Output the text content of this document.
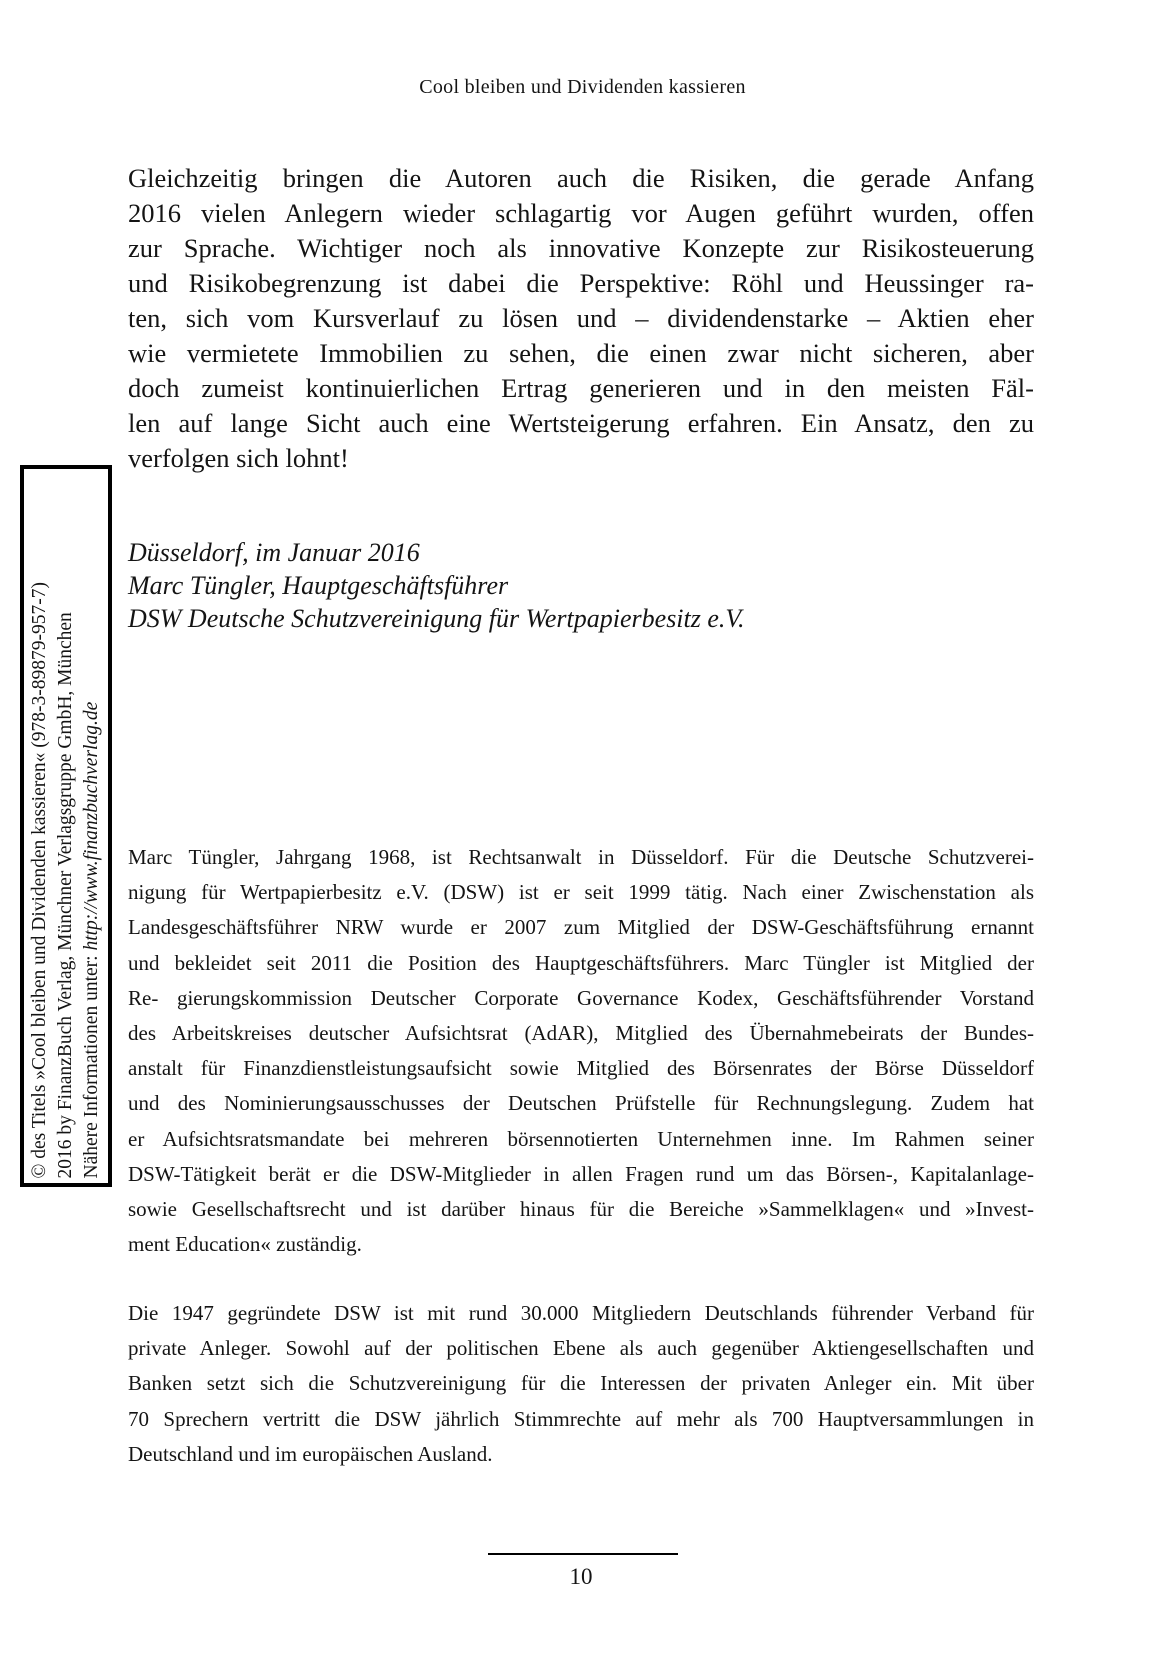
Cool bleiben und Dividenden kassieren
Gleichzeitig bringen die Autoren auch die Risiken, die gerade Anfang
2016 vielen Anlegern wieder schlagartig vor Augen geführt wurden, offen
zur Sprache. Wichtiger noch als innovative Konzepte zur Risikosteuerung
und Risikobegrenzung ist dabei die Perspektive: Röhl und Heussinger ra-
ten, sich vom Kursverlauf zu lösen und – dividendenstarke – Aktien eher
wie vermietete Immobilien zu sehen, die einen zwar nicht sicheren, aber
doch zumeist kontinuierlichen Ertrag generieren und in den meisten Fäl-
len auf lange Sicht auch eine Wertsteigerung erfahren. Ein Ansatz, den zu
verfolgen sich lohnt!
Düsseldorf, im Januar 2016
Marc Tüngler, Hauptgeschäftsführer
DSW Deutsche Schutzvereinigung für Wertpapierbesitz e.V.
Marc Tüngler, Jahrgang 1968, ist Rechtsanwalt in Düsseldorf. Für die Deutsche Schutzverei-
nigung für Wertpapierbesitz e.V. (DSW) ist er seit 1999 tätig. Nach einer Zwischenstation als
Landesgeschäftsführer NRW wurde er 2007 zum Mitglied der DSW-Geschäftsführung ernannt
und bekleidet seit 2011 die Position des Hauptgeschäftsführers. Marc Tüngler ist Mitglied der
Re- gierungskommission Deutscher Corporate Governance Kodex, Geschäftsführender Vorstand
des Arbeitskreises deutscher Aufsichtsrat (AdAR), Mitglied des Übernahmebeirats der Bundes-
anstalt für Finanzdienstleistungsaufsicht sowie Mitglied des Börsenrates der Börse Düsseldorf
und des Nominierungsausschusses der Deutschen Prüfstelle für Rechnungslegung. Zudem hat
er Aufsichtsratsmandate bei mehreren börsennotierten Unternehmen inne. Im Rahmen seiner
DSW-Tätigkeit berät er die DSW-Mitglieder in allen Fragen rund um das Börsen-, Kapitalanlage-
sowie Gesellschaftsrecht und ist darüber hinaus für die Bereiche »Sammelklagen« und »Invest-
ment Education« zuständig.
Die 1947 gegründete DSW ist mit rund 30.000 Mitgliedern Deutschlands führender Verband für
private Anleger. Sowohl auf der politischen Ebene als auch gegenüber Aktiengesellschaften und
Banken setzt sich die Schutzvereinigung für die Interessen der privaten Anleger ein. Mit über
70 Sprechern vertritt die DSW jährlich Stimmrechte auf mehr als 700 Hauptversammlungen in
Deutschland und im europäischen Ausland.
© des Titels »Cool bleiben und Dividenden kassieren« (978-3-89879-957-7) 2016 by FinanzBuch Verlag, Münchner Verlagsgruppe GmbH, München Nähere Informationen unter: http://www.finanzbuchverlag.de
10
